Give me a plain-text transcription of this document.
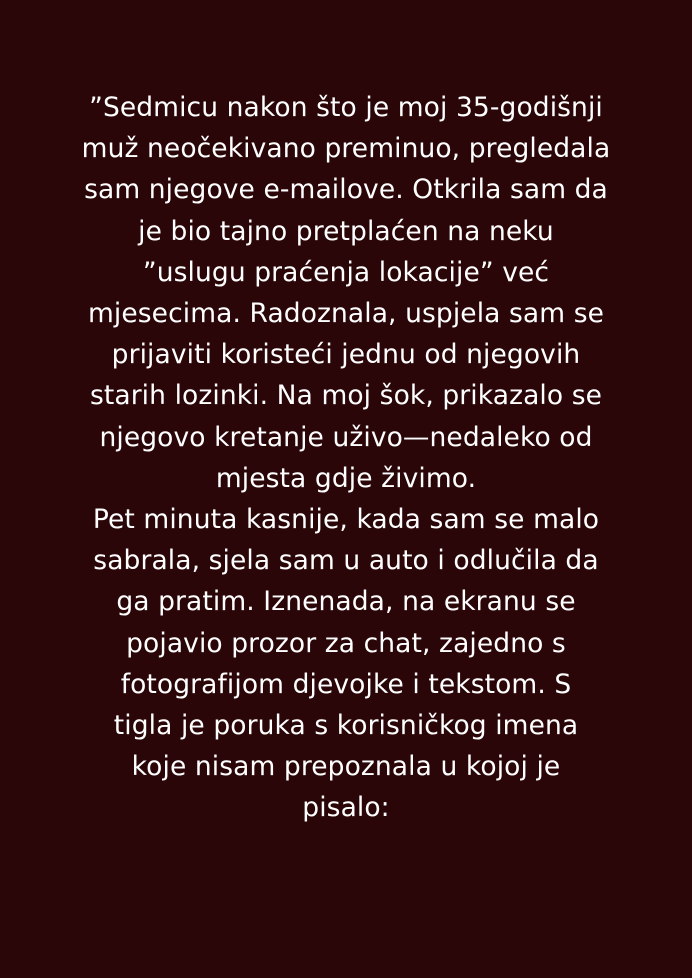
”Sedmicu nakon što je moj 35-godišnji
muž neočekivano preminuo, pregledala
sam njegove e-mailove. Otkrila sam da
je bio tajno pretplaćen na neku
”uslugu praćenja lokacije” već
mjesecima. Radoznala, uspjela sam se
prijaviti koristeći jednu od njegovih
starih lozinki. Na moj šok, prikazalo se
njegovo kretanje uživo—nedaleko od
mjesta gdje živimo.
Pet minuta kasnije, kada sam se malo
sabrala, sjela sam u auto i odlučila da
ga pratim. Iznenada, na ekranu se
pojavio prozor za chat, zajedno s
fotografijom djevojke i tekstom. S
tigla je poruka s korisničkog imena
koje nisam prepoznala u kojoj je
pisalo:
